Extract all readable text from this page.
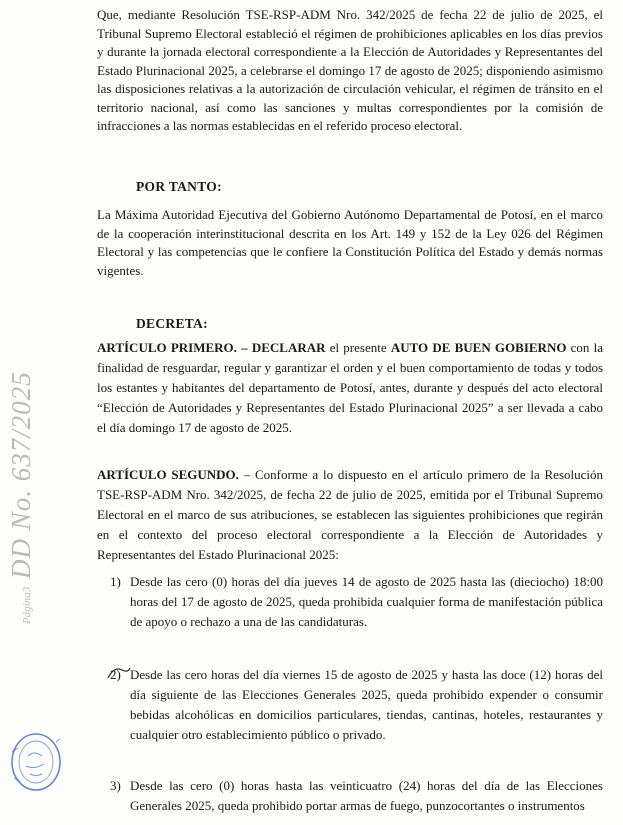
Que, mediante Resolución TSE-RSP-ADM Nro. 342/2025 de fecha 22 de julio de 2025, el Tribunal Supremo Electoral estableció el régimen de prohibiciones aplicables en los días previos y durante la jornada electoral correspondiente a la Elección de Autoridades y Representantes del Estado Plurinacional 2025, a celebrarse el domingo 17 de agosto de 2025; disponiendo asimismo las disposiciones relativas a la autorización de circulación vehicular, el régimen de tránsito en el territorio nacional, así como las sanciones y multas correspondientes por la comisión de infracciones a las normas establecidas en el referido proceso electoral.

POR TANTO:

La Máxima Autoridad Ejecutiva del Gobierno Autónomo Departamental de Potosí, en el marco de la cooperación interinstitucional descrita en los Art. 149 y 152 de la Ley 026 del Régimen Electoral y las competencias que le confiere la Constitución Política del Estado y demás normas vigentes.

DECRETA:

ARTÍCULO PRIMERO. – DECLARAR el presente AUTO DE BUEN GOBIERNO con la finalidad de resguardar, regular y garantizar el orden y el buen comportamiento de todas y todos los estantes y habitantes del departamento de Potosí, antes, durante y después del acto electoral “Elección de Autoridades y Representantes del Estado Plurinacional 2025” a ser llevada a cabo el día domingo 17 de agosto de 2025.

ARTÍCULO SEGUNDO. – Conforme a lo dispuesto en el artículo primero de la Resolución TSE-RSP-ADM Nro. 342/2025, de fecha 22 de julio de 2025, emitida por el Tribunal Supremo Electoral en el marco de sus atribuciones, se establecen las siguientes prohibiciones que regirán en el contexto del proceso electoral correspondiente a la Elección de Autoridades y Representantes del Estado Plurinacional 2025:

1) Desde las cero (0) horas del día jueves 14 de agosto de 2025 hasta las (dieciocho) 18:00 horas del 17 de agosto de 2025, queda prohibida cualquier forma de manifestación pública de apoyo o rechazo a una de las candidaturas.
2) Desde las cero horas del día viernes 15 de agosto de 2025 y hasta las doce (12) horas del día siguiente de las Elecciones Generales 2025, queda prohibido expender o consumir bebidas alcohólicas en domicilios particulares, tiendas, cantinas, hoteles, restaurantes y cualquier otro establecimiento público o privado.
3) Desde las cero (0) horas hasta las veinticuatro (24) horas del día de las Elecciones Generales 2025, queda prohibido portar armas de fuego, punzocortantes o instrumentos
Página3 DD No. 637/2025
